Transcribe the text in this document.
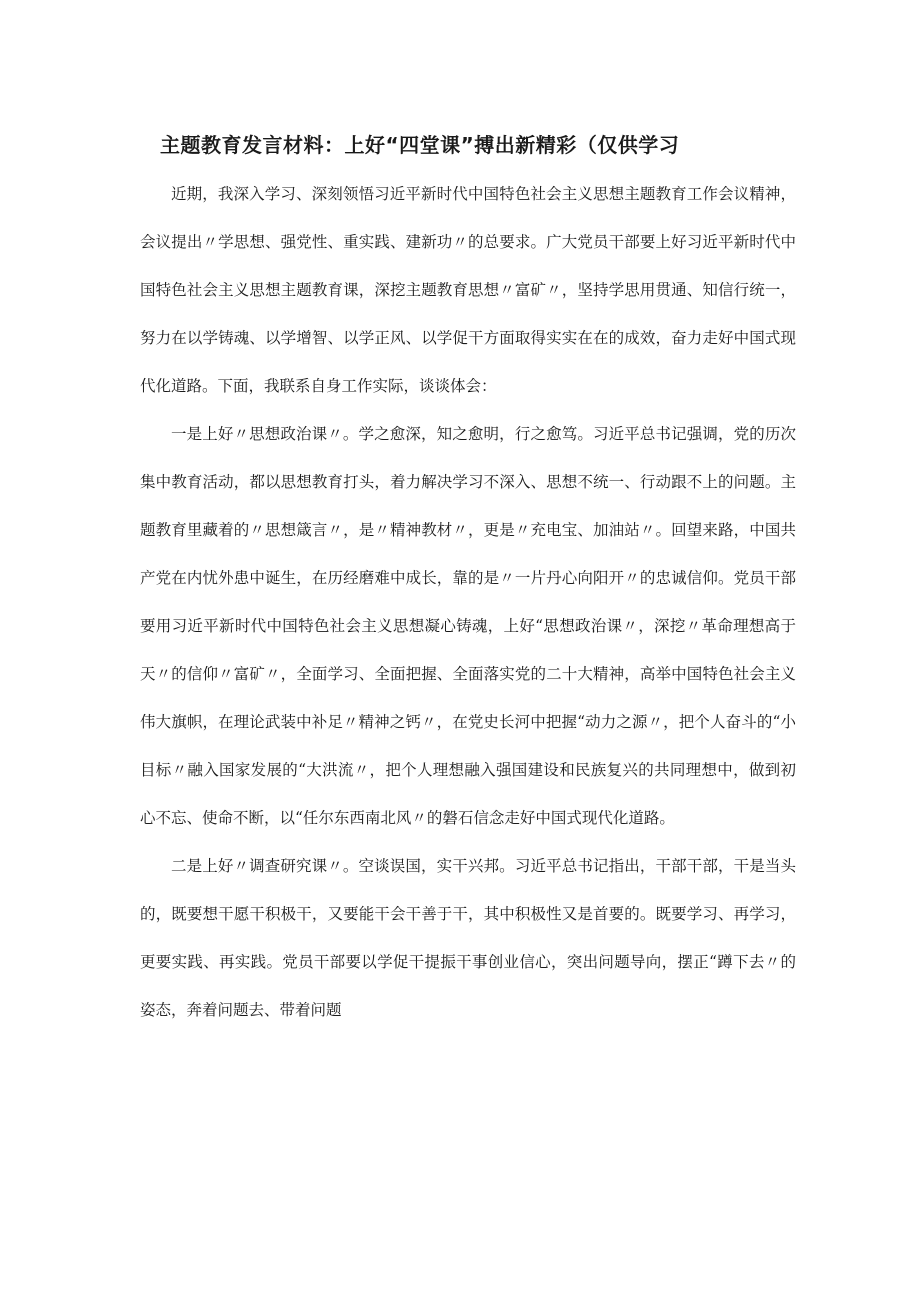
主题教育发言材料：上好“四堂课”搏出新精彩（仅供学习

近期，我深入学习、深刻领悟习近平新时代中国特色社会主义思想主题教育工作会议精神，会议提出〃学思想、强党性、重实践、建新功〃的总要求。广大党员干部要上好习近平新时代中国特色社会主义思想主题教育课，深挖主题教育思想〃富矿〃，坚持学思用贯通、知信行统一，努力在以学铸魂、以学增智、以学正风、以学促干方面取得实实在在的成效，奋力走好中国式现代化道路。下面，我联系自身工作实际，谈谈体会：

一是上好〃思想政治课〃。学之愈深，知之愈明，行之愈笃。习近平总书记强调，党的历次集中教育活动，都以思想教育打头，着力解决学习不深入、思想不统一、行动跟不上的问题。主题教育里藏着的〃思想箴言〃，是〃精神教材〃，更是〃充电宝、加油站〃。回望来路，中国共产党在内忧外患中诞生，在历经磨难中成长，靠的是〃一片丹心向阳开〃的忠诚信仰。党员干部要用习近平新时代中国特色社会主义思想凝心铸魂，上好“思想政治课〃，深挖〃革命理想高于天〃的信仰〃富矿〃，全面学习、全面把握、全面落实党的二十大精神，高举中国特色社会主义伟大旗帜，在理论武装中补足〃精神之钙〃，在党史长河中把握“动力之源〃，把个人奋斗的“小目标〃融入国家发展的“大洪流〃，把个人理想融入强国建设和民族复兴的共同理想中，做到初心不忘、使命不断，以“任尔东西南北风〃的磐石信念走好中国式现代化道路。

二是上好〃调查研究课〃。空谈误国，实干兴邦。习近平总书记指出，干部干部，干是当头的，既要想干愿干积极干，又要能干会干善于干，其中积极性又是首要的。既要学习、再学习，更要实践、再实践。党员干部要以学促干提振干事创业信心，突出问题导向，摆正“蹲下去〃的姿态，奔着问题去、带着问题
